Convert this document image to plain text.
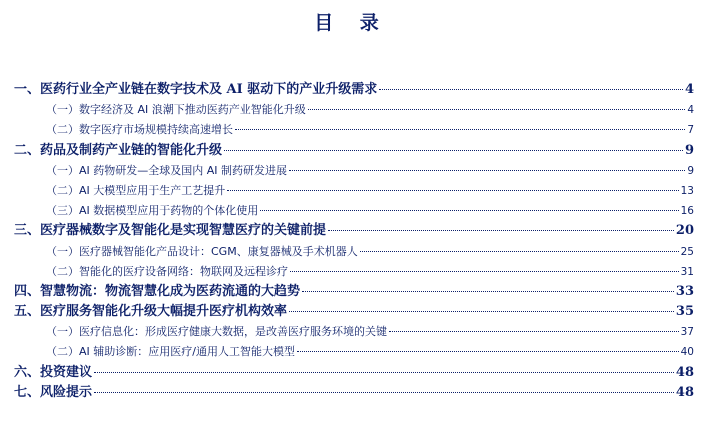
目 录
一、医药行业全产业链在数字技术及 AI 驱动下的产业升级需求	4
（一）数字经济及 AI 浪潮下推动医药产业智能化升级	4
（二）数字医疗市场规模持续高速增长	7
二、药品及制药产业链的智能化升级	9
（一）AI 药物研发—全球及国内 AI 制药研发进展	9
（二）AI 大模型应用于生产工艺提升	13
（三）AI 数据模型应用于药物的个体化使用	16
三、医疗器械数字及智能化是实现智慧医疗的关键前提	20
（一）医疗器械智能化产品设计：CGM、康复器械及手术机器人	25
（二）智能化的医疗设备网络：物联网及远程诊疗	31
四、智慧物流：物流智慧化成为医药流通的大趋势	33
五、医疗服务智能化升级大幅提升医疗机构效率	35
（一）医疗信息化：形成医疗健康大数据，是改善医疗服务环境的关键	37
（二）AI 辅助诊断：应用医疗/通用人工智能大模型	40
六、投资建议	48
七、风险提示	48
